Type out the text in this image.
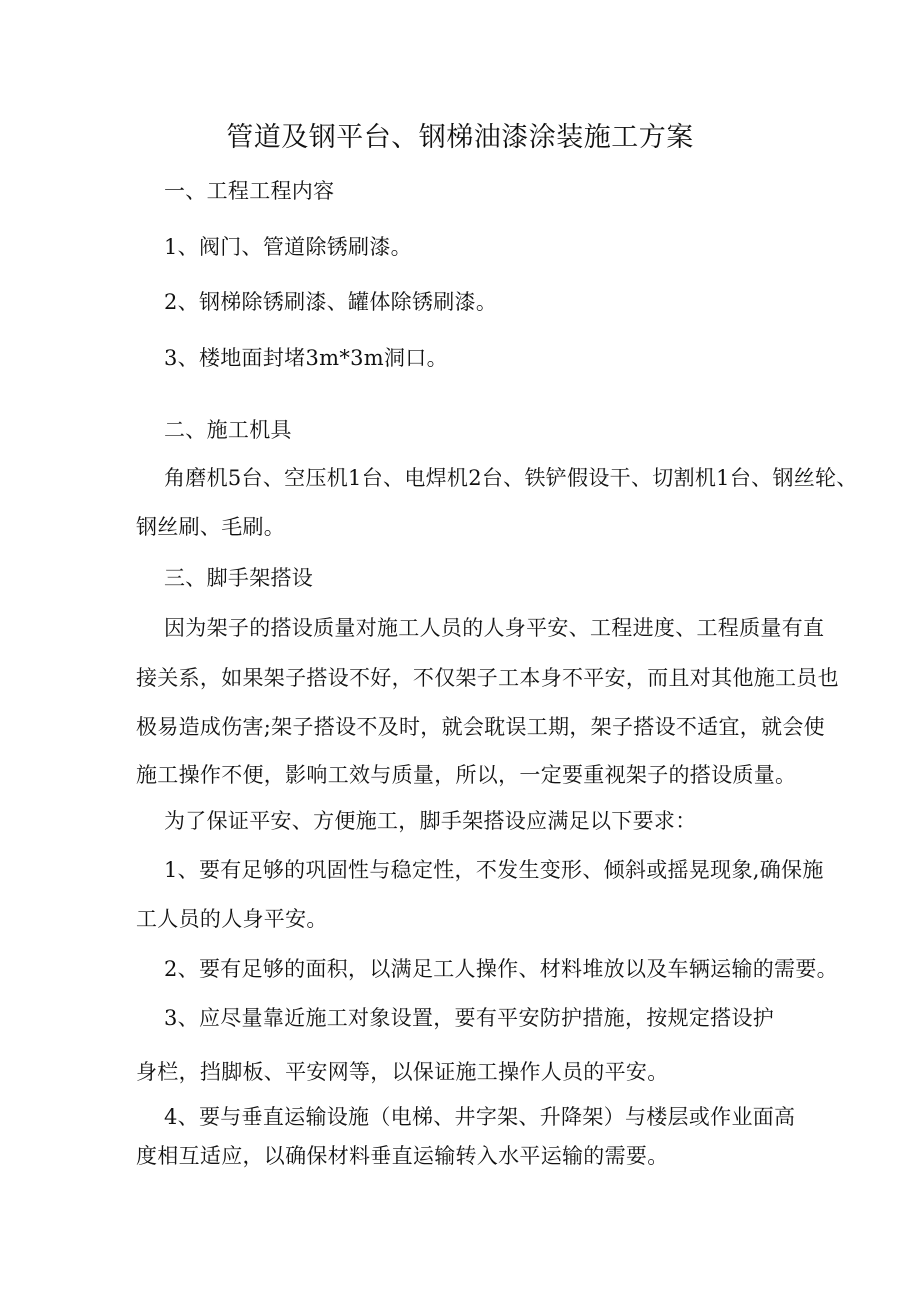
管道及钢平台、钢梯油漆涂装施工方案
一、工程工程内容
1、阀门、管道除锈刷漆。
2、钢梯除锈刷漆、罐体除锈刷漆。
3、楼地面封堵3m*3m洞口。
二、施工机具
角磨机5台、空压机1台、电焊机2台、铁铲假设干、切割机1台、钢丝轮、
钢丝刷、毛刷。
三、脚手架搭设
因为架子的搭设质量对施工人员的人身平安、工程进度、工程质量有直
接关系，如果架子搭设不好，不仅架子工本身不平安，而且对其他施工员也
极易造成伤害;架子搭设不及时，就会耽误工期，架子搭设不适宜，就会使
施工操作不便，影响工效与质量，所以，一定要重视架子的搭设质量。
为了保证平安、方便施工，脚手架搭设应满足以下要求：
1、要有足够的巩固性与稳定性，不发生变形、倾斜或摇晃现象,确保施
工人员的人身平安。
2、要有足够的面积，以满足工人操作、材料堆放以及车辆运输的需要。
3、应尽量靠近施工对象设置，要有平安防护措施，按规定搭设护
身栏，挡脚板、平安网等，以保证施工操作人员的平安。
4、要与垂直运输设施（电梯、井字架、升降架）与楼层或作业面高
度相互适应，以确保材料垂直运输转入水平运输的需要。
